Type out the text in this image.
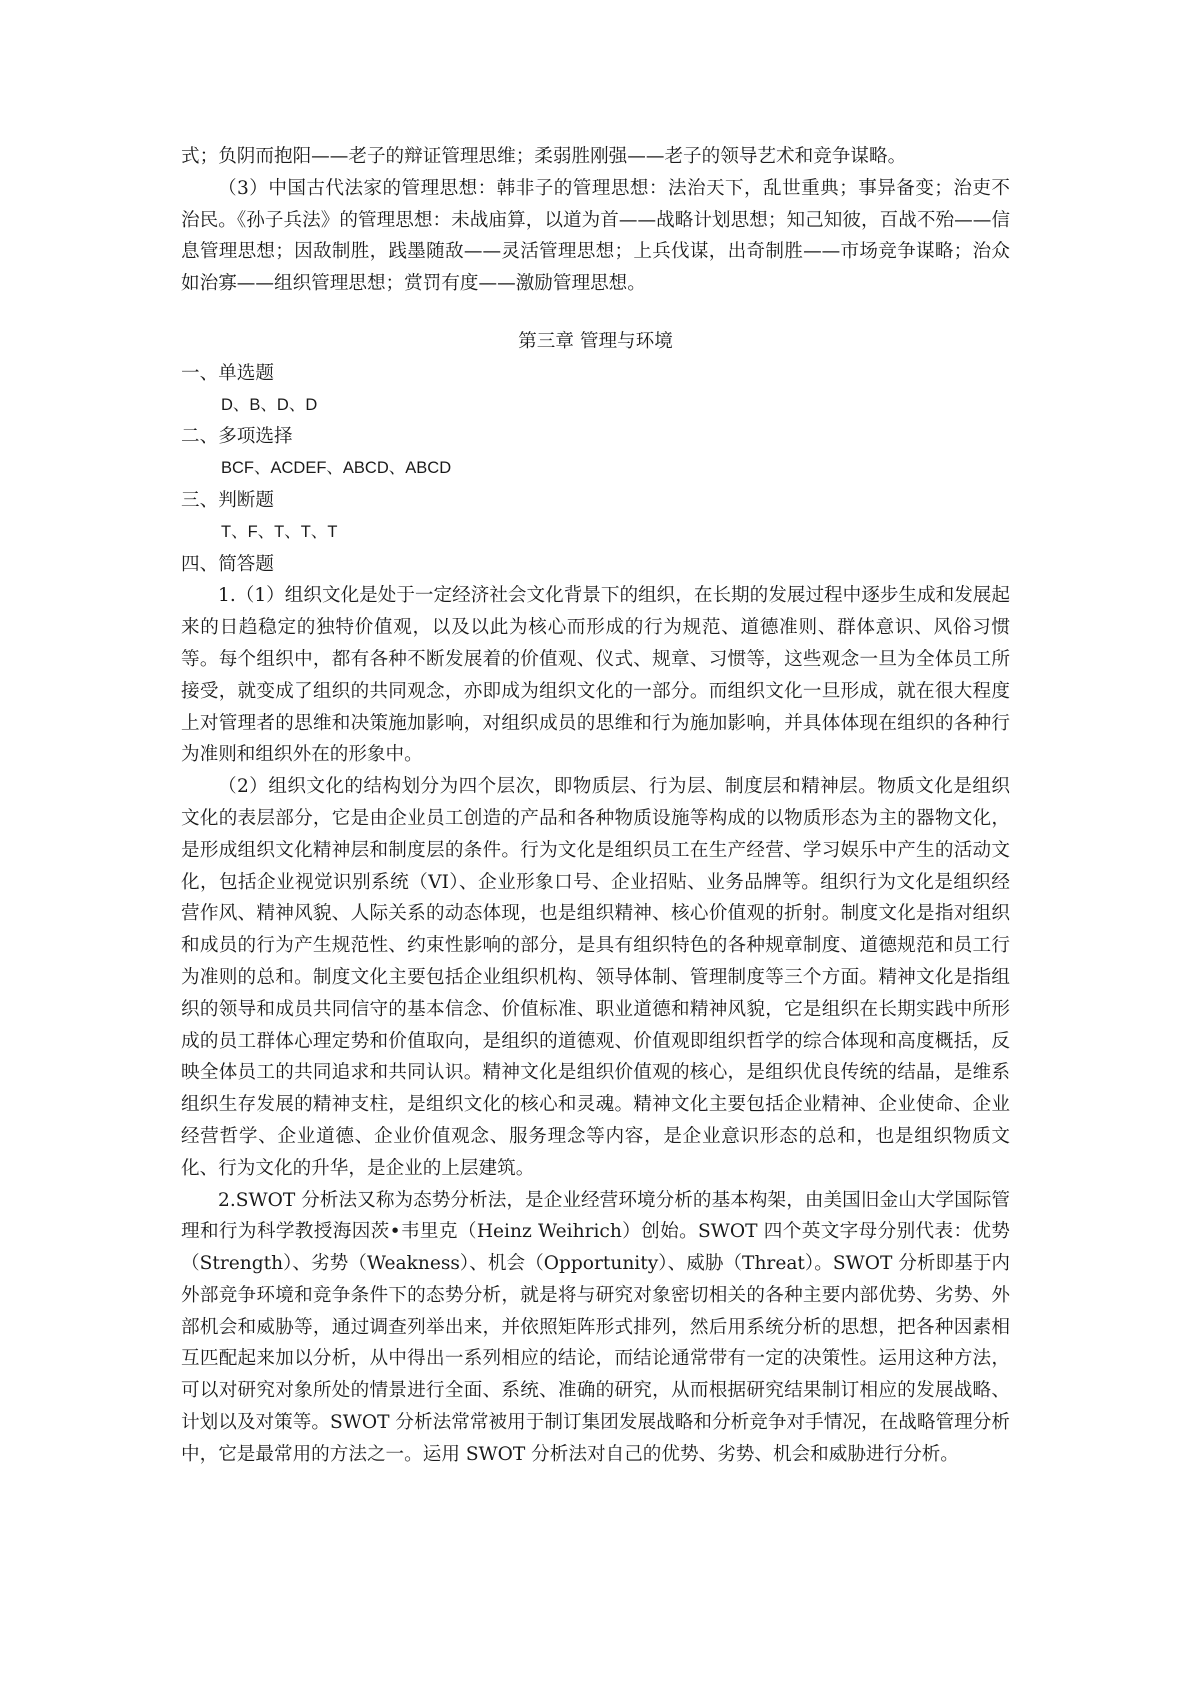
式；负阴而抱阳——老子的辩证管理思维；柔弱胜刚强——老子的领导艺术和竞争谋略。

（3）中国古代法家的管理思想：韩非子的管理思想：法治天下，乱世重典；事异备变；治吏不治民。《孙子兵法》的管理思想：未战庙算，以道为首——战略计划思想；知己知彼，百战不殆——信息管理思想；因敌制胜，践墨随敌——灵活管理思想；上兵伐谋，出奇制胜——市场竞争谋略；治众如治寡——组织管理思想；赏罚有度——激励管理思想。

第三章 管理与环境

一、单选题

D、B、D、D

二、多项选择

BCF、ACDEF、ABCD、ABCD

三、判断题

T、F、T、T、T

四、简答题

1.（1）组织文化是处于一定经济社会文化背景下的组织，在长期的发展过程中逐步生成和发展起来的日趋稳定的独特价值观，以及以此为核心而形成的行为规范、道德准则、群体意识、风俗习惯等。每个组织中，都有各种不断发展着的价值观、仪式、规章、习惯等，这些观念一旦为全体员工所接受，就变成了组织的共同观念，亦即成为组织文化的一部分。而组织文化一旦形成，就在很大程度上对管理者的思维和决策施加影响，对组织成员的思维和行为施加影响，并具体体现在组织的各种行为准则和组织外在的形象中。

（2）组织文化的结构划分为四个层次，即物质层、行为层、制度层和精神层。物质文化是组织文化的表层部分，它是由企业员工创造的产品和各种物质设施等构成的以物质形态为主的器物文化，是形成组织文化精神层和制度层的条件。行为文化是组织员工在生产经营、学习娱乐中产生的活动文化，包括企业视觉识别系统（VI）、企业形象口号、企业招贴、业务品牌等。组织行为文化是组织经营作风、精神风貌、人际关系的动态体现，也是组织精神、核心价值观的折射。制度文化是指对组织和成员的行为产生规范性、约束性影响的部分，是具有组织特色的各种规章制度、道德规范和员工行为准则的总和。制度文化主要包括企业组织机构、领导体制、管理制度等三个方面。精神文化是指组织的领导和成员共同信守的基本信念、价值标准、职业道德和精神风貌，它是组织在长期实践中所形成的员工群体心理定势和价值取向，是组织的道德观、价值观即组织哲学的综合体现和高度概括，反映全体员工的共同追求和共同认识。精神文化是组织价值观的核心，是组织优良传统的结晶，是维系组织生存发展的精神支柱，是组织文化的核心和灵魂。精神文化主要包括企业精神、企业使命、企业经营哲学、企业道德、企业价值观念、服务理念等内容，是企业意识形态的总和，也是组织物质文化、行为文化的升华，是企业的上层建筑。

2.SWOT 分析法又称为态势分析法，是企业经营环境分析的基本构架，由美国旧金山大学国际管理和行为科学教授海因茨•韦里克（Heinz Weihrich）创始。SWOT 四个英文字母分别代表：优势（Strength）、劣势（Weakness）、机会（Opportunity）、威胁（Threat）。SWOT 分析即基于内外部竞争环境和竞争条件下的态势分析，就是将与研究对象密切相关的各种主要内部优势、劣势、外部机会和威胁等，通过调查列举出来，并依照矩阵形式排列，然后用系统分析的思想，把各种因素相互匹配起来加以分析，从中得出一系列相应的结论，而结论通常带有一定的决策性。运用这种方法，可以对研究对象所处的情景进行全面、系统、准确的研究，从而根据研究结果制订相应的发展战略、计划以及对策等。SWOT 分析法常常被用于制订集团发展战略和分析竞争对手情况，在战略管理分析中，它是最常用的方法之一。运用 SWOT 分析法对自己的优势、劣势、机会和威胁进行分析。
